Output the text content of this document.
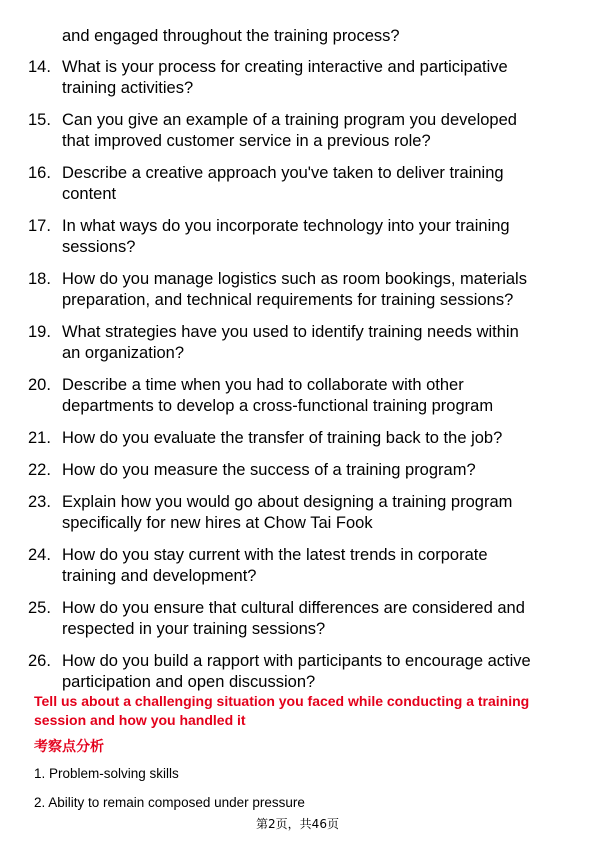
and engaged throughout the training process?
14. What is your process for creating interactive and participative
training activities?
15. Can you give an example of a training program you developed
that improved customer service in a previous role?
16. Describe a creative approach you've taken to deliver training
content
17. In what ways do you incorporate technology into your training
sessions?
18. How do you manage logistics such as room bookings, materials
preparation, and technical requirements for training sessions?
19. What strategies have you used to identify training needs within
an organization?
20. Describe a time when you had to collaborate with other
departments to develop a cross-functional training program
21. How do you evaluate the transfer of training back to the job?
22. How do you measure the success of a training program?
23. Explain how you would go about designing a training program
specifically for new hires at Chow Tai Fook
24. How do you stay current with the latest trends in corporate
training and development?
25. How do you ensure that cultural differences are considered and
respected in your training sessions?
26. How do you build a rapport with participants to encourage active
participation and open discussion?
Tell us about a challenging situation you faced while conducting a training
session and how you handled it
考察点分析
1. Problem-solving skills
2. Ability to remain composed under pressure
第2页，共46页
